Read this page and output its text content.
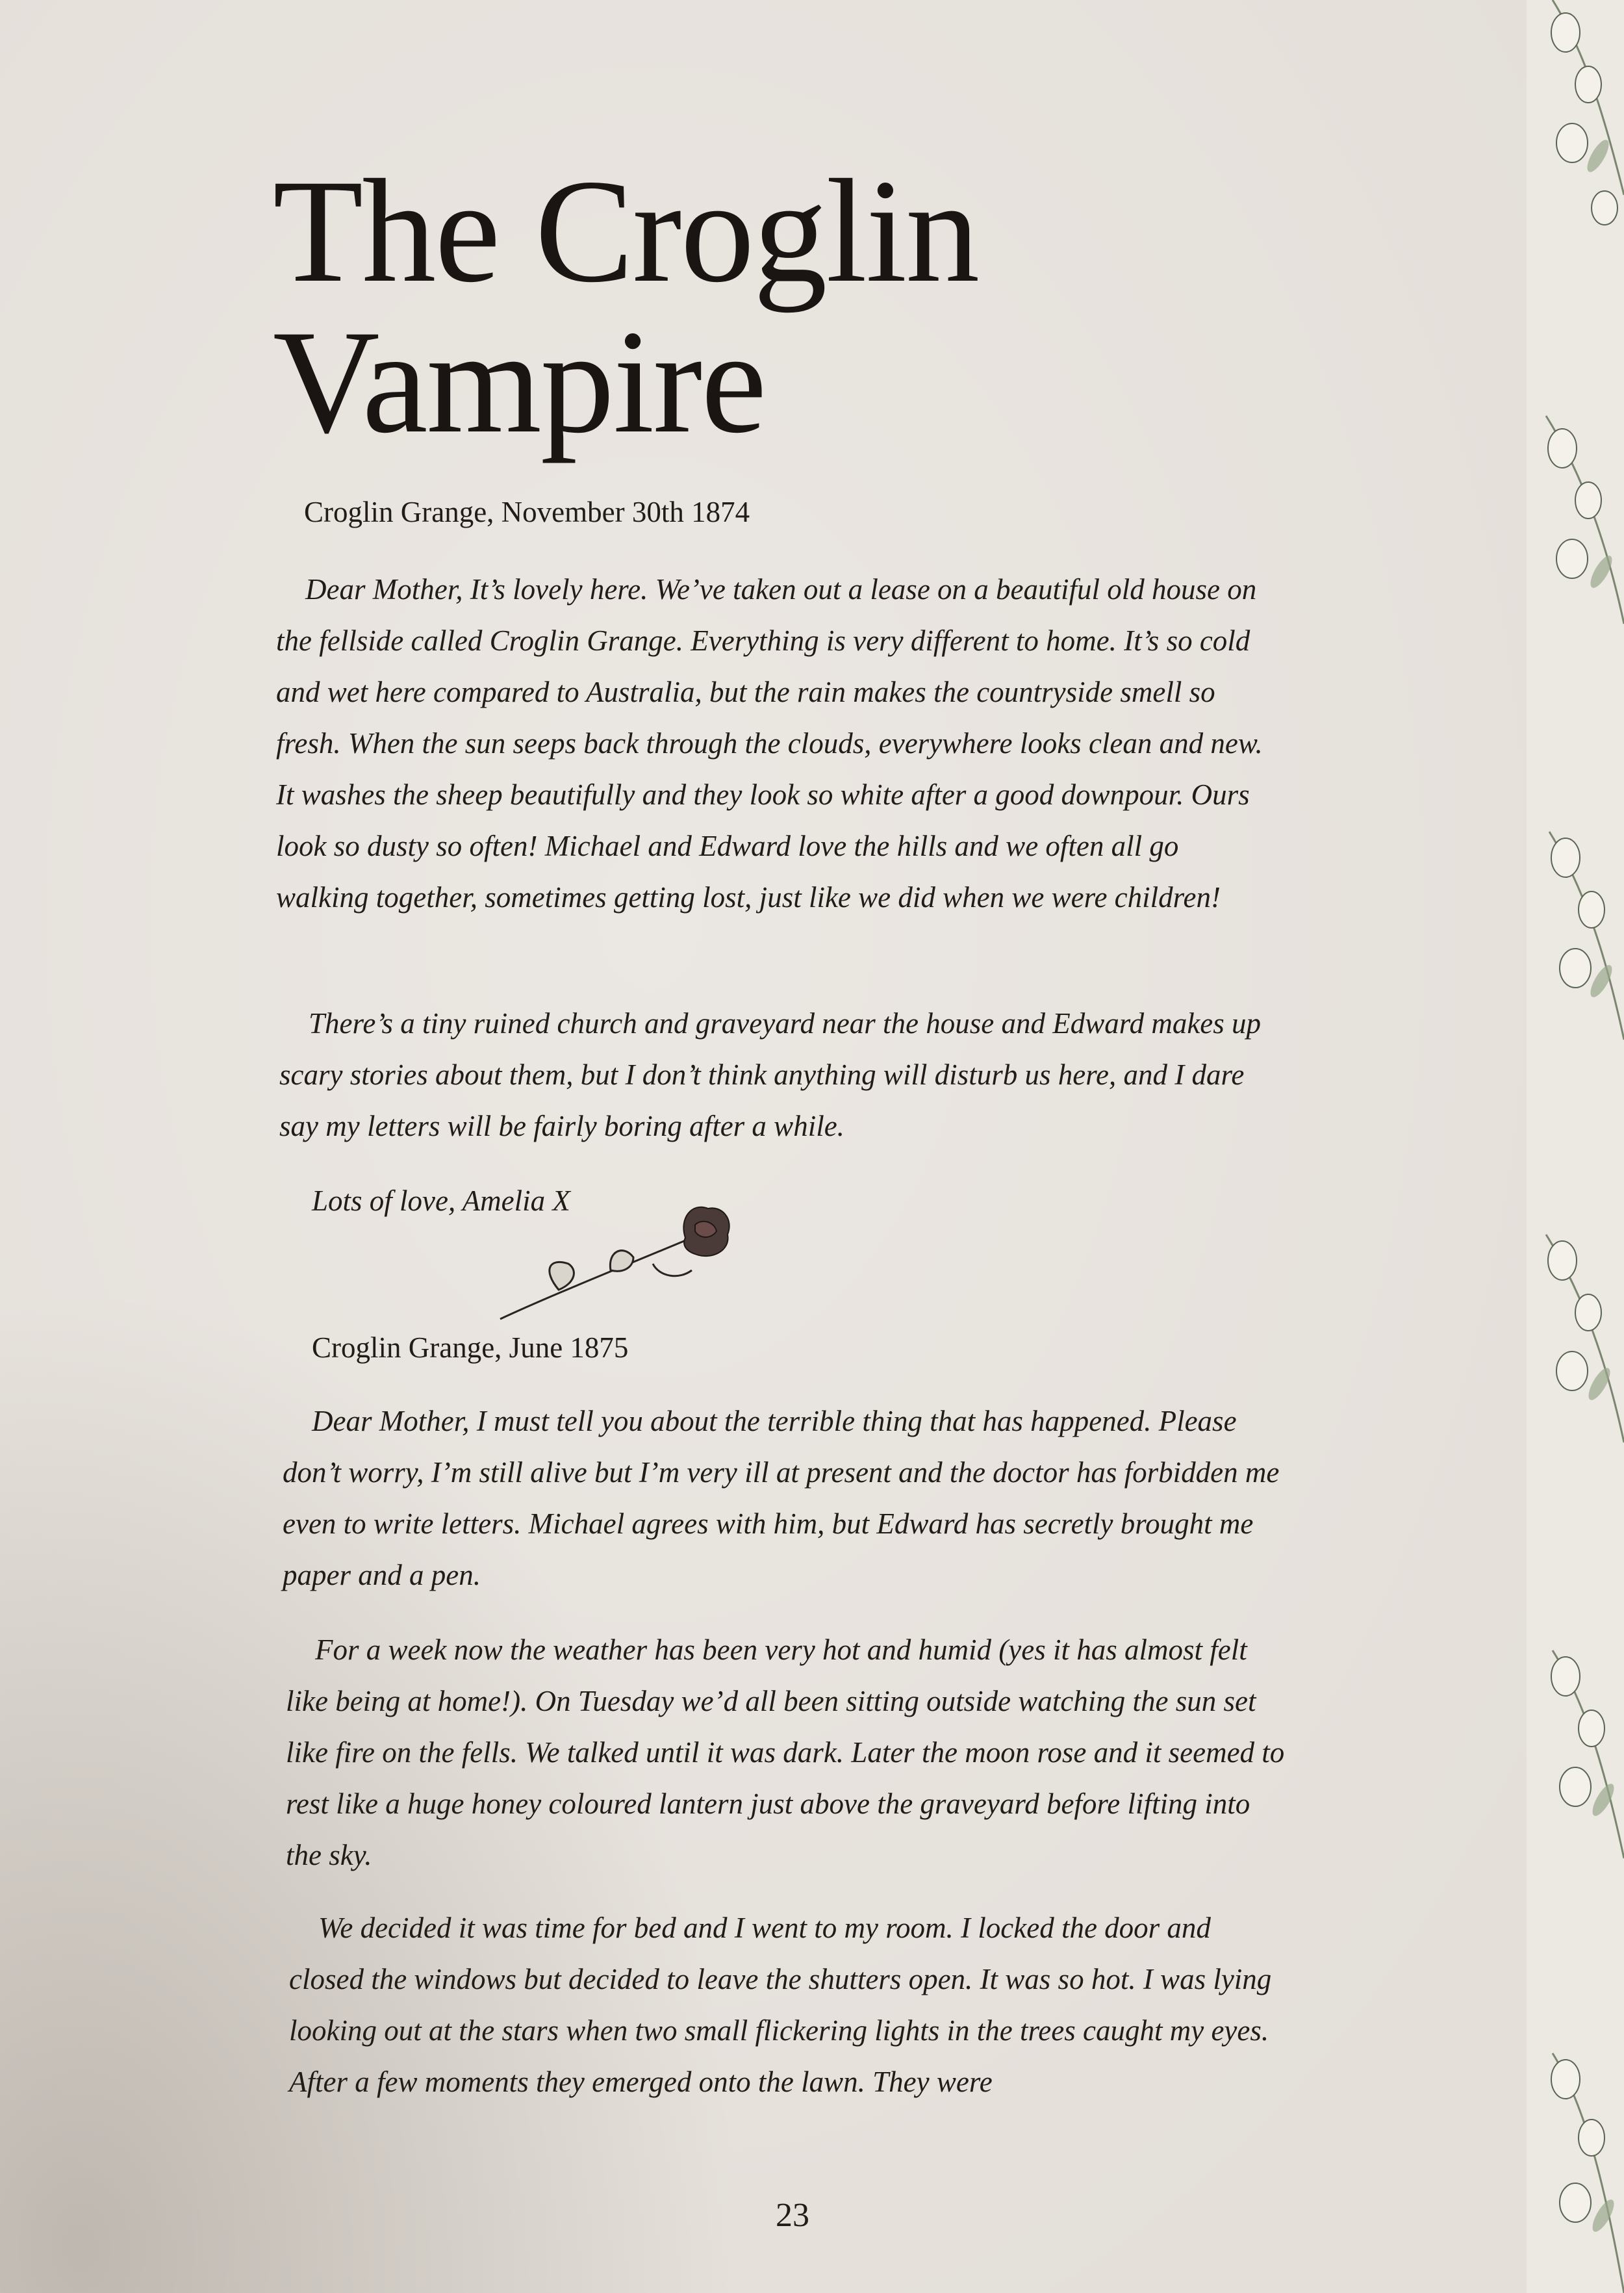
The Croglin
Vampire
Croglin Grange, November 30th 1874

Dear Mother, It’s lovely here. We’ve taken out a lease on a beautiful old house on the fellside called Croglin Grange. Everything is very different to home. It’s so cold and wet here compared to Australia, but the rain makes the countryside smell so fresh. When the sun seeps back through the clouds, everywhere looks clean and new. It washes the sheep beautifully and they look so white after a good downpour. Ours look so dusty so often! Michael and Edward love the hills and we often all go walking together, sometimes getting lost, just like we did when we were children!

There’s a tiny ruined church and graveyard near the house and Edward makes up scary stories about them, but I don’t think anything will disturb us here, and I dare say my letters will be fairly boring after a while.

Lots of love, Amelia X
Croglin Grange, June 1875

Dear Mother, I must tell you about the terrible thing that has happened. Please don’t worry, I’m still alive but I’m very ill at present and the doctor has forbidden me even to write letters. Michael agrees with him, but Edward has secretly brought me paper and a pen.

For a week now the weather has been very hot and humid (yes it has almost felt like being at home!). On Tuesday we’d all been sitting outside watching the sun set like fire on the fells. We talked until it was dark. Later the moon rose and it seemed to rest like a huge honey coloured lantern just above the graveyard before lifting into the sky.

We decided it was time for bed and I went to my room. I locked the door and closed the windows but decided to leave the shutters open. It was so hot. I was lying looking out at the stars when two small flickering lights in the trees caught my eyes. After a few moments they emerged onto the lawn. They were

23
